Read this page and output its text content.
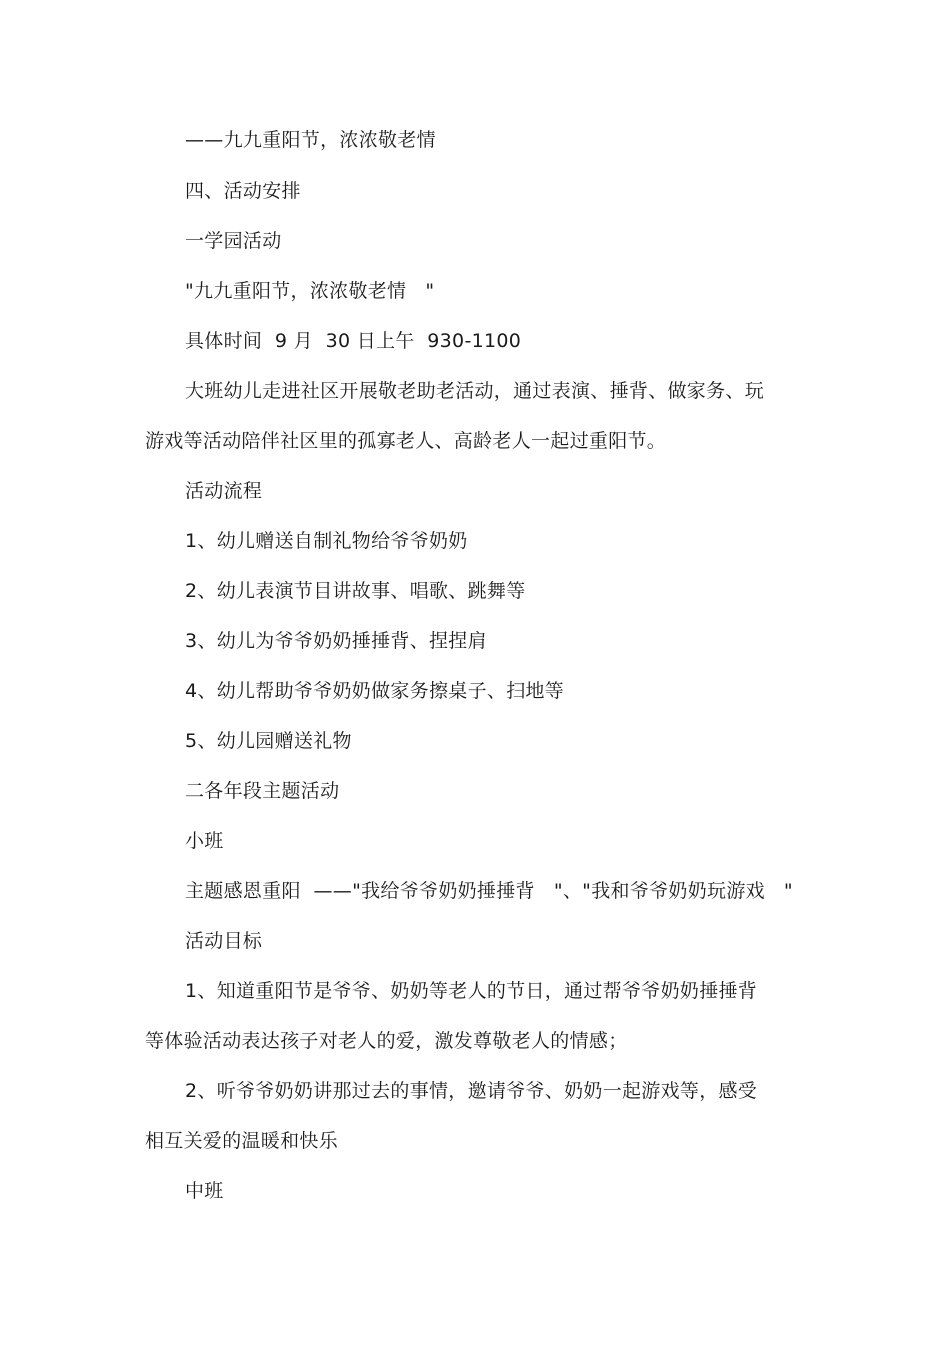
——九九重阳节，浓浓敬老情
四、活动安排
一学园活动
"九九重阳节，浓浓敬老情   "
具体时间  9 月  30 日上午  930-1100
大班幼儿走进社区开展敬老助老活动，通过表演、捶背、做家务、玩
游戏等活动陪伴社区里的孤寡老人、高龄老人一起过重阳节。
活动流程
1、幼儿赠送自制礼物给爷爷奶奶
2、幼儿表演节目讲故事、唱歌、跳舞等
3、幼儿为爷爷奶奶捶捶背、捏捏肩
4、幼儿帮助爷爷奶奶做家务擦桌子、扫地等
5、幼儿园赠送礼物
二各年段主题活动
小班
主题感恩重阳  ——"我给爷爷奶奶捶捶背   "、"我和爷爷奶奶玩游戏   "
活动目标
1、知道重阳节是爷爷、奶奶等老人的节日，通过帮爷爷奶奶捶捶背
等体验活动表达孩子对老人的爱，激发尊敬老人的情感；
2、听爷爷奶奶讲那过去的事情，邀请爷爷、奶奶一起游戏等，感受
相互关爱的温暖和快乐
中班
